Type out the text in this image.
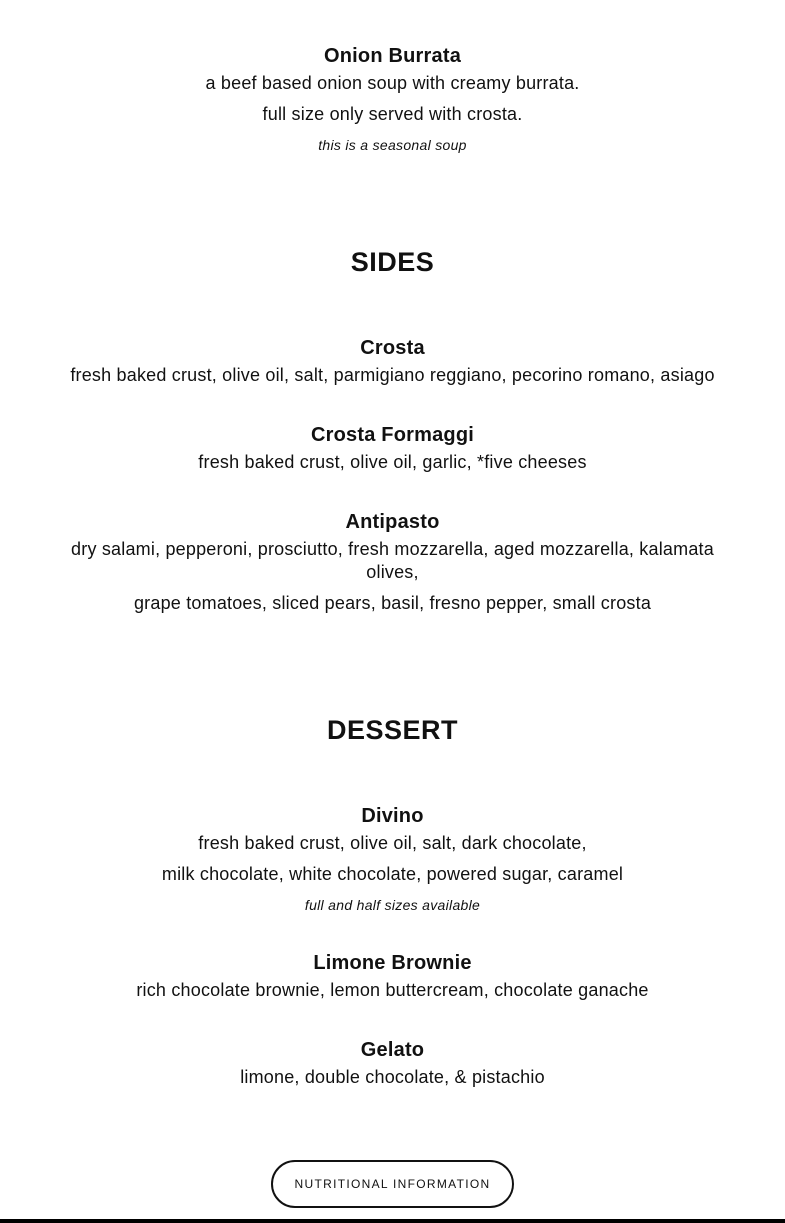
Onion Burrata

a beef based onion soup with creamy burrata.

full size only served with crosta.

this is a seasonal soup

SIDES

Crosta

fresh baked crust, olive oil, salt, parmigiano reggiano, pecorino romano, asiago

Crosta Formaggi

fresh baked crust, olive oil, garlic, *five cheeses

Antipasto

dry salami, pepperoni, prosciutto, fresh mozzarella, aged mozzarella, kalamata olives,

grape tomatoes, sliced pears, basil, fresno pepper, small crosta

DESSERT

Divino

fresh baked crust, olive oil, salt, dark chocolate,

milk chocolate, white chocolate, powered sugar, caramel

full and half sizes available

Limone Brownie

rich chocolate brownie, lemon buttercream, chocolate ganache

Gelato

limone, double chocolate, & pistachio

NUTRITIONAL INFORMATION
